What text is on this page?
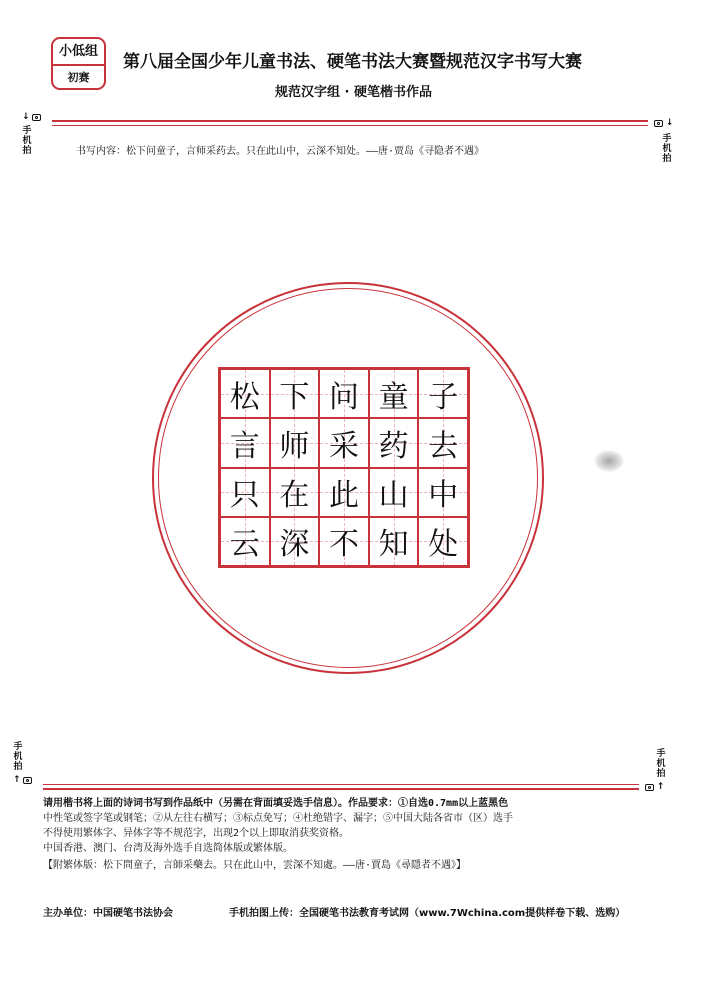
小低组
初赛
第八届全国少年儿童书法、硬笔书法大赛暨规范汉字书写大赛
规范汉字组 · 硬笔楷书作品
↓
手
机
拍
↓
手
机
拍
书写内容：松下问童子，言师采药去。只在此山中，云深不知处。——唐·贾岛《寻隐者不遇》
松 下 问 童 子
言 师 采 药 去
只 在 此 山 中
云 深 不 知 处
手
机
拍
↑
手
机
拍
↑
请用楷书将上面的诗词书写到作品纸中（另需在背面填妥选手信息）。作品要求：①自选0.7mm以上蓝黑色
中性笔或签字笔或钢笔；②从左往右横写；③标点免写；④杜绝错字、漏字；⑤中国大陆各省市（区）选手
不得使用繁体字、异体字等不规范字，出现2个以上即取消获奖资格。
中国香港、澳门、台湾及海外选手自选简体版或繁体版。
【附繁体版：松下問童子，言師采藥去。只在此山中，雲深不知處。——唐·賈島《尋隱者不遇》】
主办单位：中国硬笔书法协会	手机拍图上传：全国硬笔书法教育考试网（www.7Wchina.com提供样卷下载、选购）
